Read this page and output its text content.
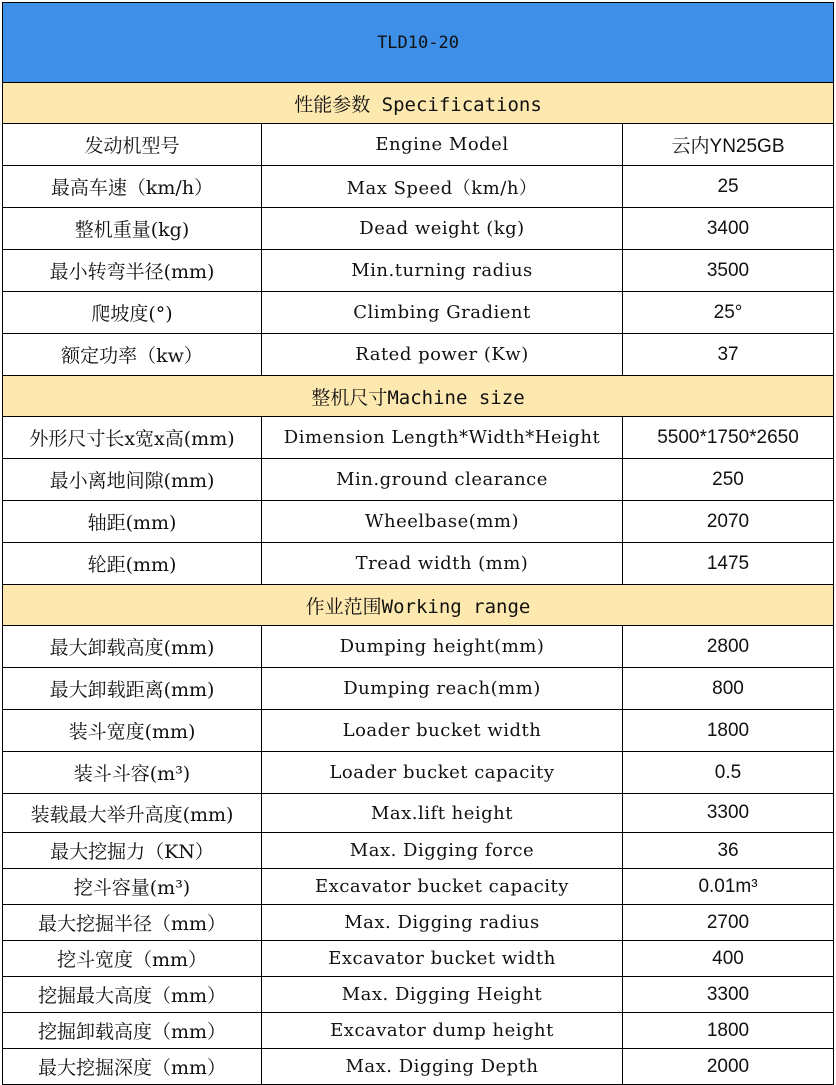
TLD10-20		
性能参数 Specifications		
发动机型号	Engine Model	云内YN25GB
最高车速（km/h）	Max Speed（km/h）	25
整机重量(kg)	Dead weight (kg)	3400
最小转弯半径(mm)	Min.turning radius	3500
爬坡度(°)	Climbing Gradient	25°
额定功率（kw）	Rated power (Kw)	37
整机尺寸Machine size		
外形尺寸长x宽x高(mm)	Dimension Length*Width*Height	5500*1750*2650
最小离地间隙(mm)	Min.ground clearance	250
轴距(mm)	Wheelbase(mm)	2070
轮距(mm)	Tread width (mm)	1475
作业范围Working range		
最大卸载高度(mm)	Dumping height(mm)	2800
最大卸载距离(mm)	Dumping reach(mm)	800
装斗宽度(mm)	Loader bucket width	1800
装斗斗容(m³)	Loader bucket capacity	0.5
装载最大举升高度(mm)	Max.lift height	3300
最大挖掘力（KN）	Max. Digging force	36
挖斗容量(m³)	Excavator bucket capacity	0.01m³
最大挖掘半径（mm）	Max. Digging radius	2700
挖斗宽度（mm）	Excavator bucket width	400
挖掘最大高度（mm）	Max. Digging Height	3300
挖掘卸载高度（mm）	Excavator dump height	1800
最大挖掘深度（mm）	Max. Digging Depth	2000
